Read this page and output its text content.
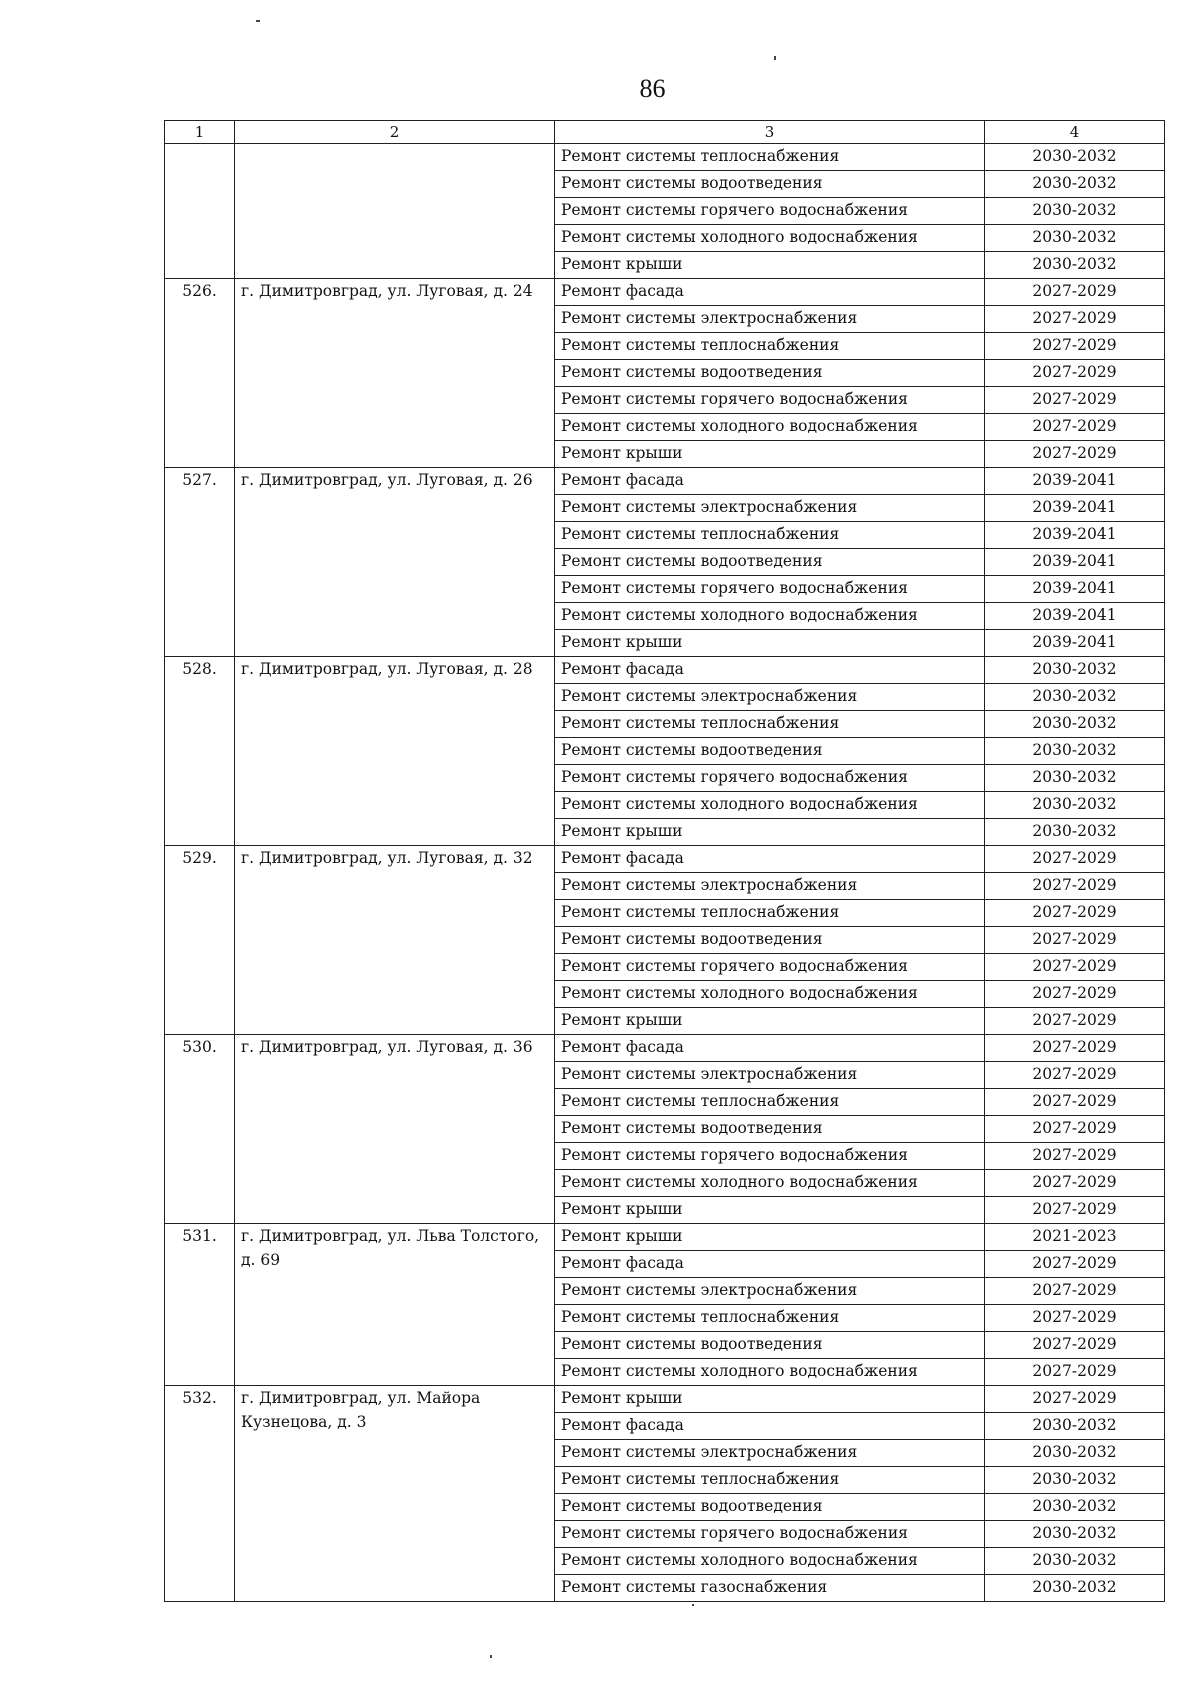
86
1	2	3	4
		Ремонт системы теплоснабжения	2030-2032
		Ремонт системы водоотведения	2030-2032
		Ремонт системы горячего водоснабжения	2030-2032
		Ремонт системы холодного водоснабжения	2030-2032
		Ремонт крыши	2030-2032
526.	г. Димитровград, ул. Луговая, д. 24	Ремонт фасада	2027-2029
		Ремонт системы электроснабжения	2027-2029
		Ремонт системы теплоснабжения	2027-2029
		Ремонт системы водоотведения	2027-2029
		Ремонт системы горячего водоснабжения	2027-2029
		Ремонт системы холодного водоснабжения	2027-2029
		Ремонт крыши	2027-2029
527.	г. Димитровград, ул. Луговая, д. 26	Ремонт фасада	2039-2041
		Ремонт системы электроснабжения	2039-2041
		Ремонт системы теплоснабжения	2039-2041
		Ремонт системы водоотведения	2039-2041
		Ремонт системы горячего водоснабжения	2039-2041
		Ремонт системы холодного водоснабжения	2039-2041
		Ремонт крыши	2039-2041
528.	г. Димитровград, ул. Луговая, д. 28	Ремонт фасада	2030-2032
		Ремонт системы электроснабжения	2030-2032
		Ремонт системы теплоснабжения	2030-2032
		Ремонт системы водоотведения	2030-2032
		Ремонт системы горячего водоснабжения	2030-2032
		Ремонт системы холодного водоснабжения	2030-2032
		Ремонт крыши	2030-2032
529.	г. Димитровград, ул. Луговая, д. 32	Ремонт фасада	2027-2029
		Ремонт системы электроснабжения	2027-2029
		Ремонт системы теплоснабжения	2027-2029
		Ремонт системы водоотведения	2027-2029
		Ремонт системы горячего водоснабжения	2027-2029
		Ремонт системы холодного водоснабжения	2027-2029
		Ремонт крыши	2027-2029
530.	г. Димитровград, ул. Луговая, д. 36	Ремонт фасада	2027-2029
		Ремонт системы электроснабжения	2027-2029
		Ремонт системы теплоснабжения	2027-2029
		Ремонт системы водоотведения	2027-2029
		Ремонт системы горячего водоснабжения	2027-2029
		Ремонт системы холодного водоснабжения	2027-2029
		Ремонт крыши	2027-2029
531.	г. Димитровград, ул. Льва Толстого, д. 69	Ремонт крыши	2021-2023
		Ремонт фасада	2027-2029
		Ремонт системы электроснабжения	2027-2029
		Ремонт системы теплоснабжения	2027-2029
		Ремонт системы водоотведения	2027-2029
		Ремонт системы холодного водоснабжения	2027-2029
532.	г. Димитровград, ул. Майора Кузнецова, д. 3	Ремонт крыши	2027-2029
		Ремонт фасада	2030-2032
		Ремонт системы электроснабжения	2030-2032
		Ремонт системы теплоснабжения	2030-2032
		Ремонт системы водоотведения	2030-2032
		Ремонт системы горячего водоснабжения	2030-2032
		Ремонт системы холодного водоснабжения	2030-2032
		Ремонт системы газоснабжения	2030-2032
